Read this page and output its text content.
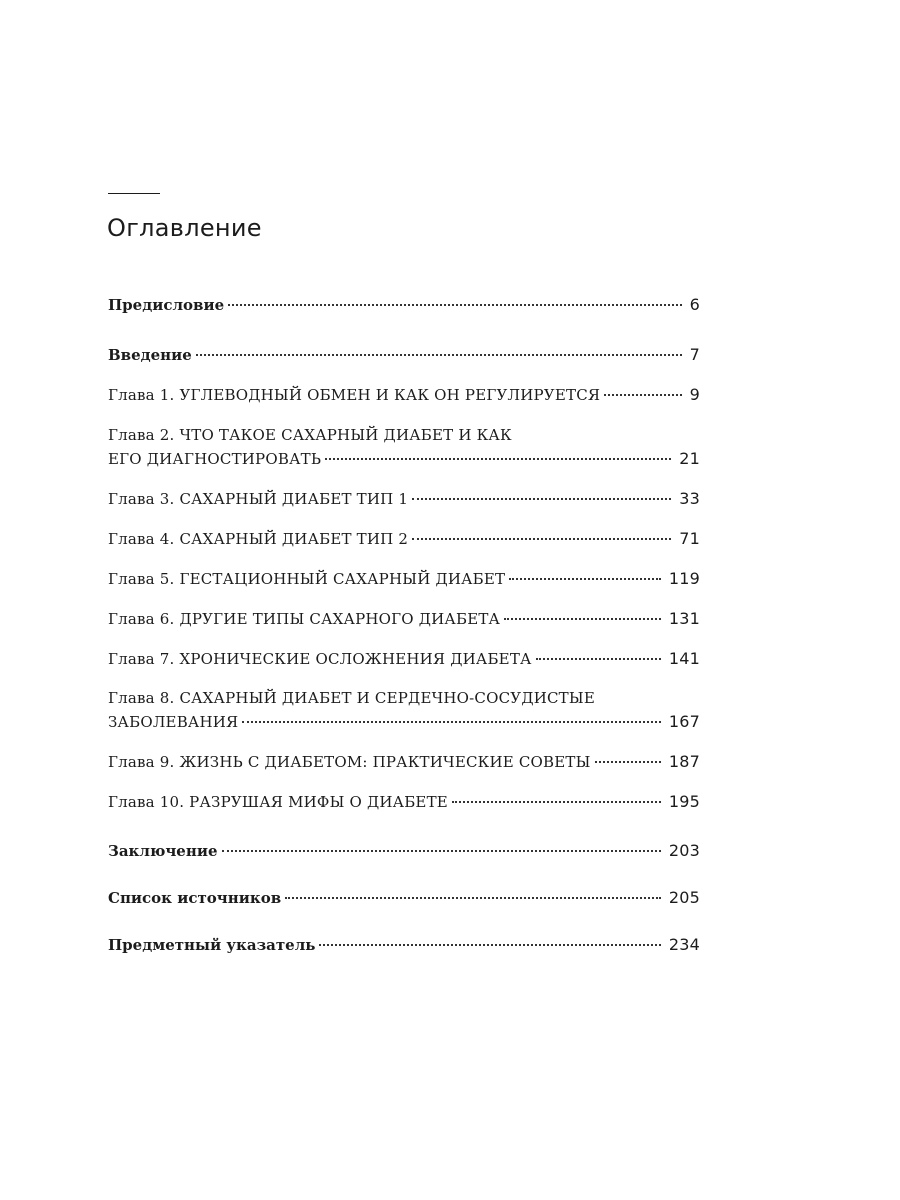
Оглавление
Предисловие	6
Введение	7
Глава 1. УГЛЕВОДНЫЙ ОБМЕН И КАК ОН РЕГУЛИРУЕТСЯ	9
Глава 2. ЧТО ТАКОЕ САХАРНЫЙ ДИАБЕТ И КАК
ЕГО ДИАГНОСТИРОВАТЬ	21
Глава 3. САХАРНЫЙ ДИАБЕТ ТИП 1	33
Глава 4. САХАРНЫЙ ДИАБЕТ ТИП 2	71
Глава 5. ГЕСТАЦИОННЫЙ САХАРНЫЙ ДИАБЕТ	119
Глава 6. ДРУГИЕ ТИПЫ САХАРНОГО ДИАБЕТА	131
Глава 7. ХРОНИЧЕСКИЕ ОСЛОЖНЕНИЯ ДИАБЕТА	141
Глава 8. САХАРНЫЙ ДИАБЕТ И СЕРДЕЧНО-СОСУДИСТЫЕ
ЗАБОЛЕВАНИЯ	167
Глава 9. ЖИЗНЬ С ДИАБЕТОМ: ПРАКТИЧЕСКИЕ СОВЕТЫ	187
Глава 10. РАЗРУШАЯ МИФЫ О ДИАБЕТЕ	195
Заключение	203
Список источников	205
Предметный указатель	234
